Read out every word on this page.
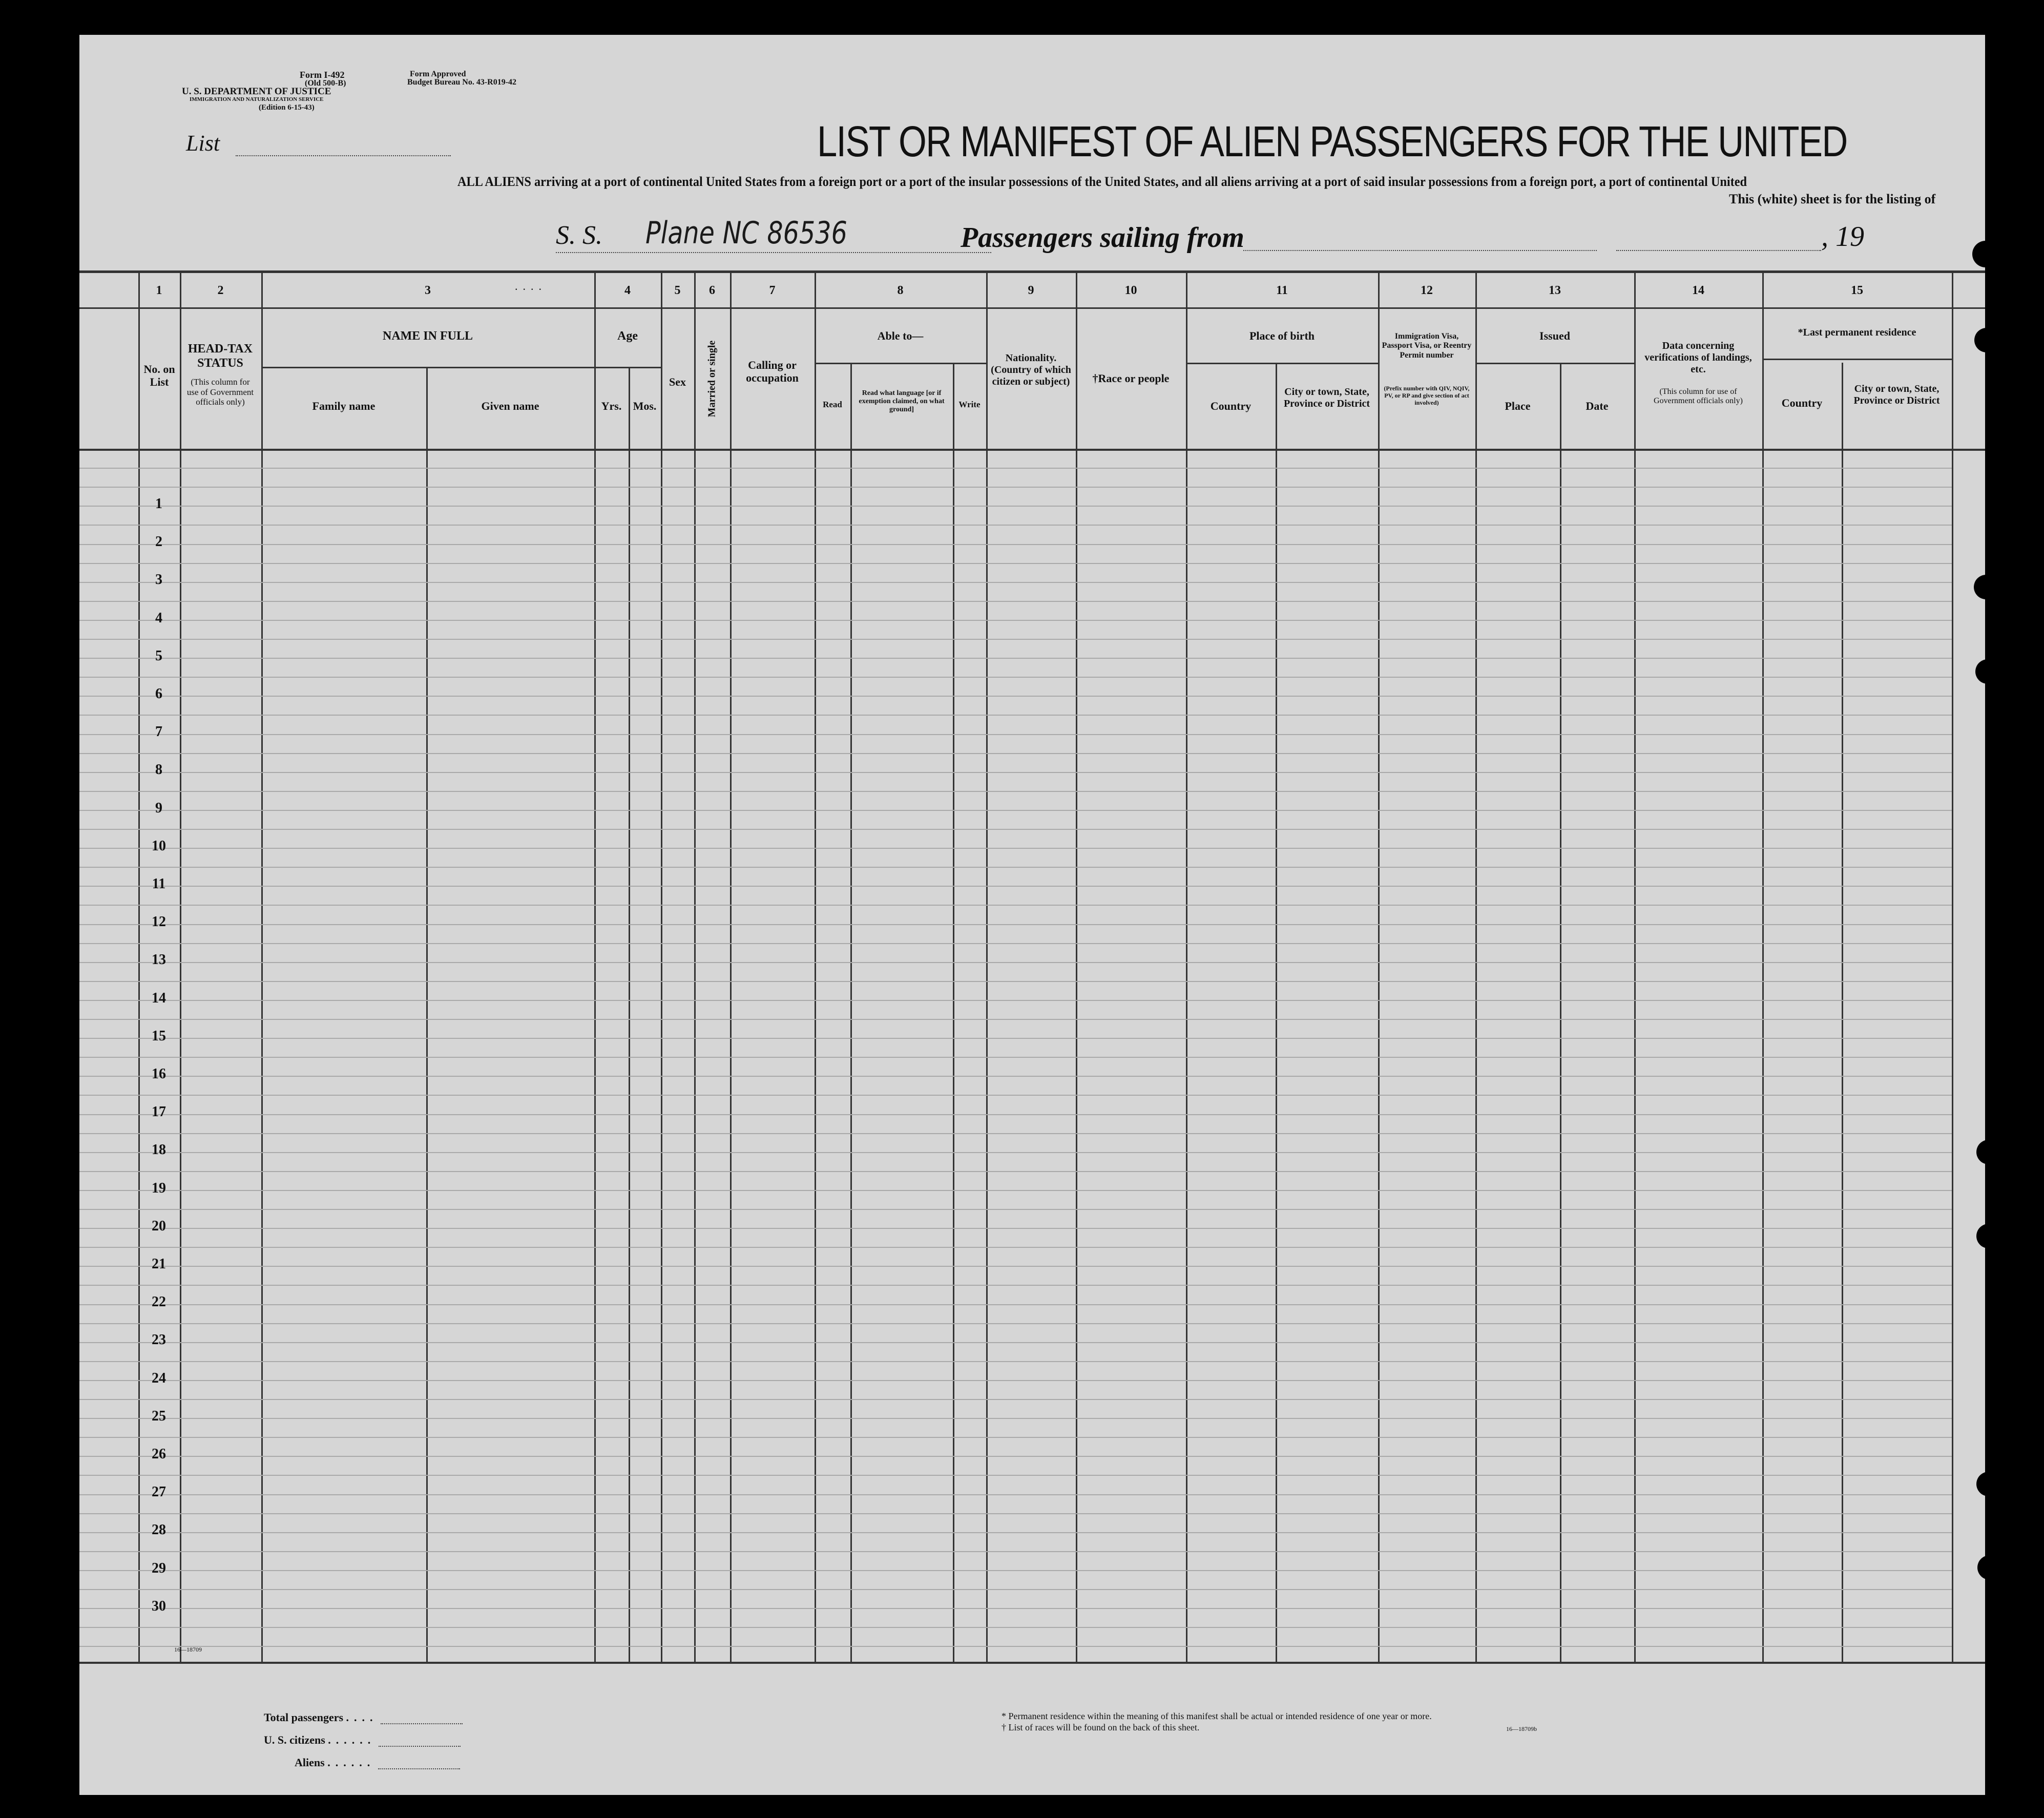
Form I-492
(Old 500-B)
U. S. DEPARTMENT OF JUSTICE
IMMIGRATION AND NATURALIZATION SERVICE
(Edition 6-15-43)
Form Approved
Budget Bureau No. 43-R019-42
List	LIST OR MANIFEST OF ALIEN PASSENGERS FOR THE UNITED
ALL ALIENS arriving at a port of continental United States from a foreign port or a port of the insular possessions of the United States, and all aliens arriving at a port of said insular possessions from a foreign port, a port of continental United
This (white) sheet is for the listing of
S. S. Plane NC 86536	Passengers sailing from	, 19
1	2	3	....	4	5	6	7	8	9	10	11	12	13	14	15
No. on List
HEAD-TAX STATUS
(This column for use of Government officials only)
NAME IN FULL
Family name	Given name
Age
Yrs.	Mos.
Sex	Married or single	Calling or occupation
Able to—
Read
Read what language [or if exemption claimed, on what ground]
Write
Nationality. (Country of which citizen or subject)	†Race or people
Place of birth
Country
City or town, State, Province or District
Immigration Visa, Passport Visa, or Reentry Permit number
(Prefix number with QIV, NQIV, PV, or RP and give section of act involved)
Issued
Place	Date
Data concerning verifications of landings, etc.
(This column for use of Government officials only)
*Last permanent residence
Country
City or town, State, Province or District
1
2
3
4
5
6
7
8
9
10
11
12
13
14
15
16
17
18
19
20
21
22
23
24
25
26
27
28
29
30
16—18709
Total passengers ....
U. S. citizens ......
Aliens ......
* Permanent residence within the meaning of this manifest shall be actual or intended residence of one year or more.
† List of races will be found on the back of this sheet.	16—18709b
